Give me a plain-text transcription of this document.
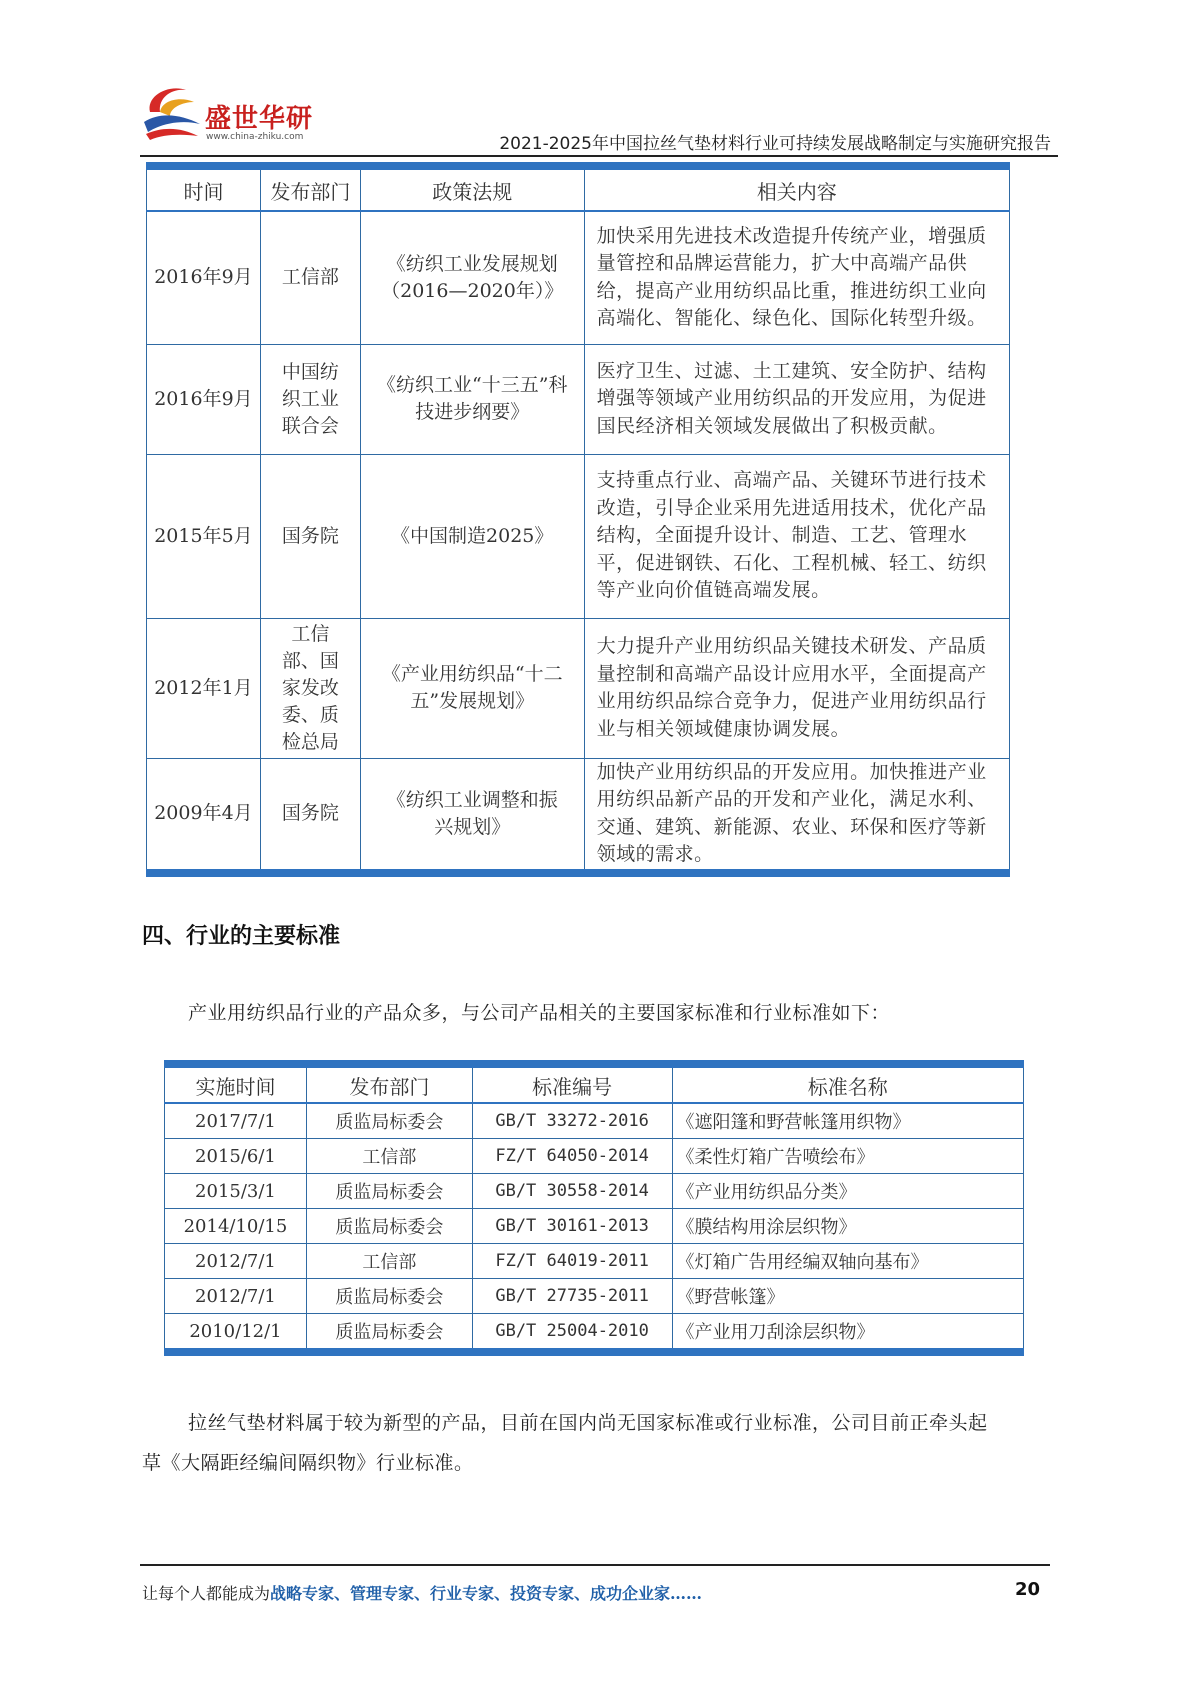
盛世华研
www.china-zhiku.com	2021-2025年中国拉丝气垫材料行业可持续发展战略制定与实施研究报告
时间	发布部门	政策法规	相关内容
2016年9月	工信部	《纺织工业发展规划（2016—2020年）》	加快采用先进技术改造提升传统产业，增强质量管控和品牌运营能力，扩大中高端产品供给，提高产业用纺织品比重，推进纺织工业向高端化、智能化、绿色化、国际化转型升级。
2016年9月	中国纺织工业联合会	《纺织工业“十三五”科技进步纲要》	医疗卫生、过滤、土工建筑、安全防护、结构增强等领域产业用纺织品的开发应用，为促进国民经济相关领域发展做出了积极贡献。
2015年5月	国务院	《中国制造2025》	支持重点行业、高端产品、关键环节进行技术改造，引导企业采用先进适用技术，优化产品结构，全面提升设计、制造、工艺、管理水平，促进钢铁、石化、工程机械、轻工、纺织等产业向价值链高端发展。
2012年1月	工信部、国家发改委、质检总局	《产业用纺织品“十二五”发展规划》	大力提升产业用纺织品关键技术研发、产品质量控制和高端产品设计应用水平，全面提高产业用纺织品综合竞争力，促进产业用纺织品行业与相关领域健康协调发展。
2009年4月	国务院	《纺织工业调整和振兴规划》	加快产业用纺织品的开发应用。加快推进产业用纺织品新产品的开发和产业化，满足水利、交通、建筑、新能源、农业、环保和医疗等新领域的需求。
四、行业的主要标准
产业用纺织品行业的产品众多，与公司产品相关的主要国家标准和行业标准如下：
实施时间	发布部门	标准编号	标准名称
2017/7/1	质监局标委会	GB/T 33272-2016	《遮阳篷和野营帐篷用织物》
2015/6/1	工信部	FZ/T 64050-2014	《柔性灯箱广告喷绘布》
2015/3/1	质监局标委会	GB/T 30558-2014	《产业用纺织品分类》
2014/10/15	质监局标委会	GB/T 30161-2013	《膜结构用涂层织物》
2012/7/1	工信部	FZ/T 64019-2011	《灯箱广告用经编双轴向基布》
2012/7/1	质监局标委会	GB/T 27735-2011	《野营帐篷》
2010/12/1	质监局标委会	GB/T 25004-2010	《产业用刀刮涂层织物》
拉丝气垫材料属于较为新型的产品，目前在国内尚无国家标准或行业标准，公司目前正牵头起
草《大隔距经编间隔织物》行业标准。
让每个人都能成为战略专家、管理专家、行业专家、投资专家、成功企业家……	20
